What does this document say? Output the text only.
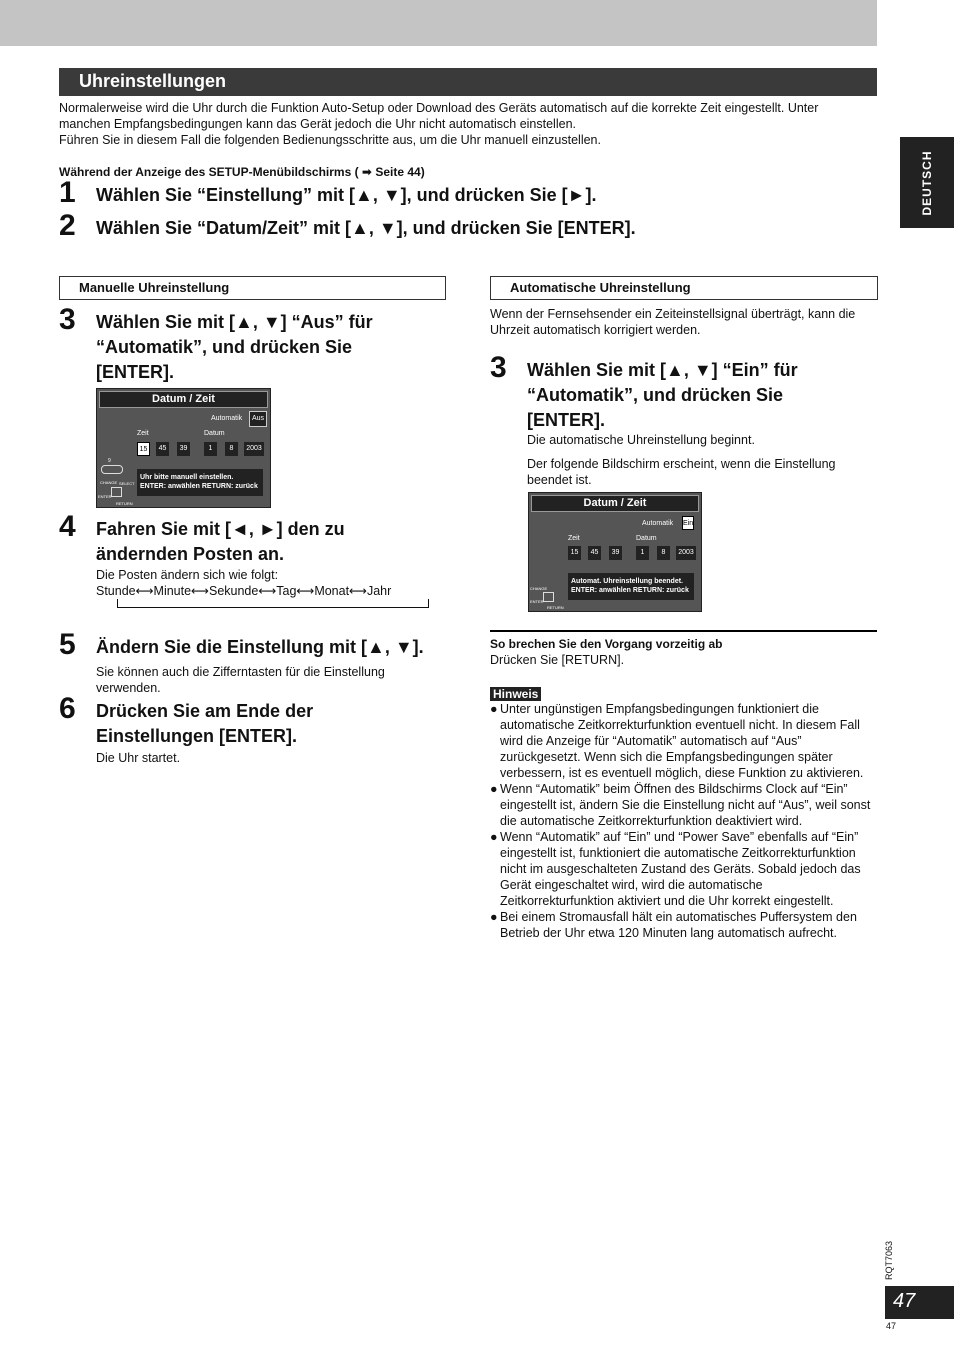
Uhreinstellungen
DEUTSCH
Normalerweise wird die Uhr durch die Funktion Auto-Setup oder Download des Geräts automatisch auf die korrekte Zeit eingestellt. Unter
manchen Empfangsbedingungen kann das Gerät jedoch die Uhr nicht automatisch einstellen.
Führen Sie in diesem Fall die folgenden Bedienungsschritte aus, um die Uhr manuell einzustellen.
Während der Anzeige des SETUP-Menübildschirms ( ➡ Seite 44)
1 Wählen Sie “Einstellung” mit [▲, ▼], und drücken Sie [►].
2 Wählen Sie “Datum/Zeit” mit [▲, ▼], und drücken Sie [ENTER].
Manuelle Uhreinstellung
3 Wählen Sie mit [▲, ▼] “Aus” für
“Automatik”, und drücken Sie
[ENTER].
Datum / Zeit
Automatik	Aus
Zeit	Datum
15	45	39	1	8	2003
9
CHANGE SELECT
ENTER
RETURN
Uhr bitte manuell einstellen.
ENTER: anwählen RETURN: zurück
4 Fahren Sie mit [◄, ►] den zu
ändernden Posten an.
Die Posten ändern sich wie folgt:
Stunde⟷Minute⟷Sekunde⟷Tag⟷Monat⟷Jahr
5 Ändern Sie die Einstellung mit [▲, ▼].
Sie können auch die Zifferntasten für die Einstellung
verwenden.
6 Drücken Sie am Ende der
Einstellungen [ENTER].
Die Uhr startet.
Automatische Uhreinstellung
Wenn der Fernsehsender ein Zeiteinstellsignal überträgt, kann die
Uhrzeit automatisch korrigiert werden.
3 Wählen Sie mit [▲, ▼] “Ein” für
“Automatik”, und drücken Sie
[ENTER].
Die automatische Uhreinstellung beginnt.
Der folgende Bildschirm erscheint, wenn die Einstellung
beendet ist.
Datum / Zeit
Automatik Ein
Zeit	Datum
15	45	39	1	8	2003
CHANGE
ENTER
RETURN
Automat. Uhreinstellung beendet.
ENTER: anwählen RETURN: zurück
So brechen Sie den Vorgang vorzeitig ab
Drücken Sie [RETURN].
Hinweis
● Unter ungünstigen Empfangsbedingungen funktioniert die
automatische Zeitkorrekturfunktion eventuell nicht. In diesem Fall
wird die Anzeige für “Automatik” automatisch auf “Aus”
zurückgesetzt. Wenn sich die Empfangsbedingungen später
verbessern, ist es eventuell möglich, diese Funktion zu aktivieren.
● Wenn “Automatik” beim Öffnen des Bildschirms Clock auf “Ein”
eingestellt ist, ändern Sie die Einstellung nicht auf “Aus”, weil sonst
die automatische Zeitkorrekturfunktion deaktiviert wird.
● Wenn “Automatik” auf “Ein” und “Power Save” ebenfalls auf “Ein”
eingestellt ist, funktioniert die automatische Zeitkorrekturfunktion
nicht im ausgeschalteten Zustand des Geräts. Sobald jedoch das
Gerät eingeschaltet wird, wird die automatische
Zeitkorrekturfunktion aktiviert und die Uhr korrekt eingestellt.
● Bei einem Stromausfall hält ein automatisches Puffersystem den
Betrieb der Uhr etwa 120 Minuten lang automatisch aufrecht.
RQT7063
47
47
